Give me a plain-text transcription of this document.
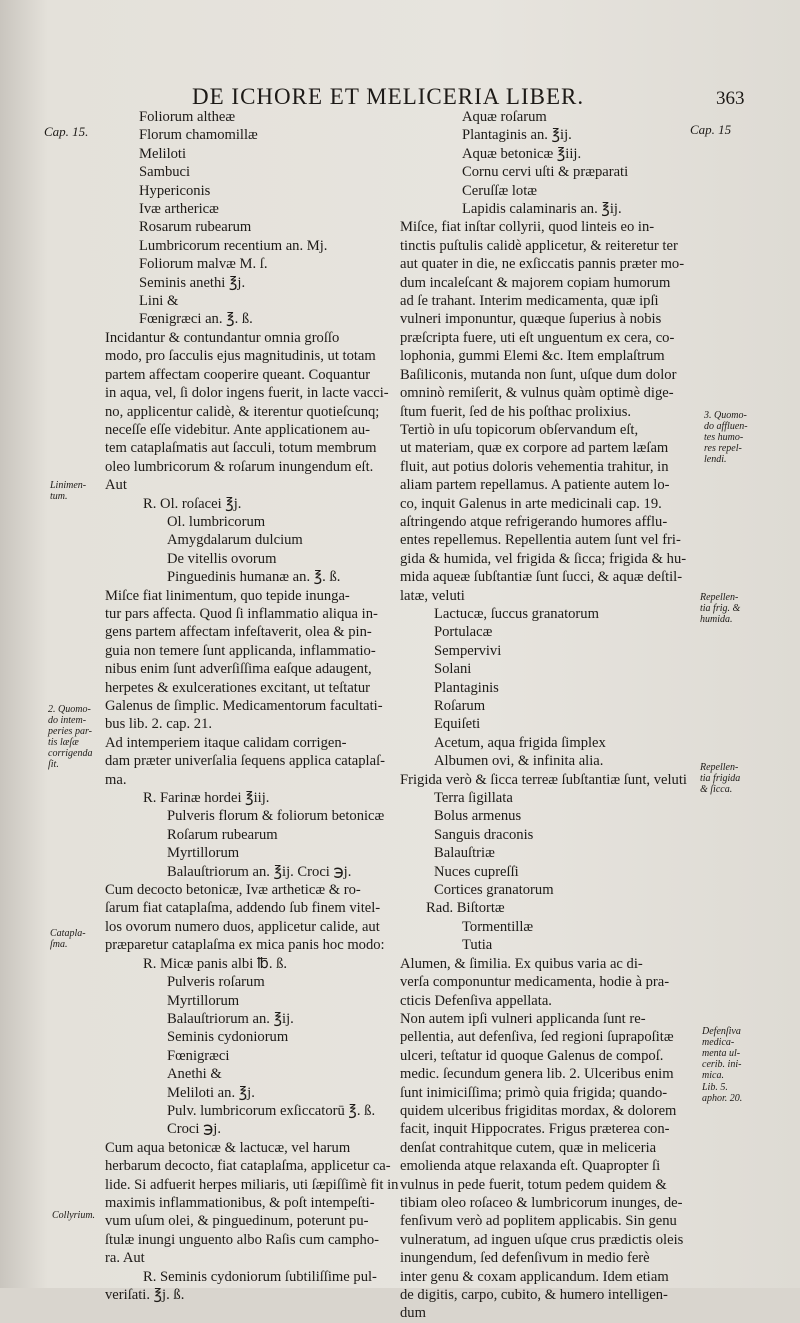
DE ICHORE ET MELICERIA LIBER.	363
Cap. 15.	Cap. 15
Foliorum altheæ
Florum chamomillæ
Meliloti
Sambuci
Hypericonis
Ivæ arthericæ
Rosarum rubearum
Lumbricorum recentium an. Mj.
Foliorum malvæ M. ſ.
Seminis anethi ℥j.
Lini &
Fœnigræci an. ℥. ß.
Incidantur & contundantur omnia groſſo
modo, pro ſacculis ejus magnitudinis, ut totam
partem affectam cooperire queant. Coquantur
in aqua, vel, ſi dolor ingens fuerit, in lacte vacci-
no, applicentur calidè, & iterentur quotieſcunq;
neceſſe eſſe videbitur. Ante applicationem au-
tem cataplaſmatis aut ſacculi, totum membrum
oleo lumbricorum & roſarum inungendum eſt.
Aut
R. Ol. roſacei ℥j.
Ol. lumbricorum
Amygdalarum dulcium
De vitellis ovorum
Pinguedinis humanæ an. ℥. ß.
Miſce fiat linimentum, quo tepide inunga-
tur pars affecta. Quod ſi inflammatio aliqua in-
gens partem affectam infeſtaverit, olea & pin-
guia non temere ſunt applicanda, inflammatio-
nibus enim ſunt adverſiſſima eaſque adaugent,
herpetes & exulcerationes excitant, ut teſtatur
Galenus de ſimplic. Medicamentorum facultati-
bus lib. 2. cap. 21.
Ad intemperiem itaque calidam corrigen-
dam præter univerſalia ſequens applica cataplaſ-
ma.
R. Farinæ hordei ℥iij.
Pulveris florum & foliorum betonicæ
Roſarum rubearum
Myrtillorum
Balauſtriorum an. ℥ij. Croci ℈j.
Cum decocto betonicæ, Ivæ artheticæ & ro-
ſarum fiat cataplaſma, addendo ſub finem vitel-
los ovorum numero duos, applicetur calide, aut
præparetur cataplaſma ex mica panis hoc modo:
R. Micæ panis albi ℔. ß.
Pulveris roſarum
Myrtillorum
Balauſtriorum an. ℥ij.
Seminis cydoniorum
Fœnigræci
Anethi &
Meliloti an. ℥j.
Pulv. lumbricorum exſiccatorū ℥. ß.
Croci ℈j.
Cum aqua betonicæ & lactucæ, vel harum
herbarum decocto, fiat cataplaſma, applicetur ca-
lide. Si adfuerit herpes miliaris, uti ſæpiſſimè fit in
maximis inflammationibus, & poſt intempeſti-
vum uſum olei, & pinguedinum, poterunt pu-
ſtulæ inungi unguento albo Raſis cum campho-
ra. Aut
R. Seminis cydoniorum ſubtiliſſime pul-
veriſati. ℥j. ß.
Aquæ roſarum
Plantaginis an. ℥ij.
Aquæ betonicæ ℥iij.
Cornu cervi uſti & præparati
Ceruſſæ lotæ
Lapidis calaminaris an. ℥ij.
Miſce, fiat inſtar collyrii, quod linteis eo in-
tinctis puſtulis calidè applicetur, & reiteretur ter
aut quater in die, ne exſiccatis pannis præter mo-
dum incaleſcant & majorem copiam humorum
ad ſe trahant. Interim medicamenta, quæ ipſi
vulneri imponuntur, quæque ſuperius à nobis
præſcripta fuere, uti eſt unguentum ex cera, co-
lophonia, gummi Elemi &c. Item emplaſtrum
Baſiliconis, mutanda non ſunt, uſque dum dolor
omninò remiſerit, & vulnus quàm optimè dige-
ſtum fuerit, ſed de his poſthac prolixius.
Tertiò in uſu topicorum obſervandum eſt,
ut materiam, quæ ex corpore ad partem læſam
fluit, aut potius doloris vehementia trahitur, in
aliam partem repellamus. A patiente autem lo-
co, inquit Galenus in arte medicinali cap. 19.
aſtringendo atque refrigerando humores afflu-
entes repellemus. Repellentia autem ſunt vel fri-
gida & humida, vel frigida & ſicca; frigida & hu-
mida aqueæ ſubſtantiæ ſunt ſucci, & aquæ deſtil-
latæ, veluti
Lactucæ, ſuccus granatorum
Portulacæ
Sempervivi
Solani
Plantaginis
Roſarum
Equiſeti
Acetum, aqua frigida ſimplex
Albumen ovi, & infinita alia.
Frigida verò & ſicca terreæ ſubſtantiæ ſunt, veluti
Terra ſigillata
Bolus armenus
Sanguis draconis
Balauſtriæ
Nuces cupreſſi
Cortices granatorum
Rad. Biſtortæ
Tormentillæ
Tutia
Alumen, & ſimilia. Ex quibus varia ac di-
verſa componuntur medicamenta, hodie à pra-
cticis Defenſiva appellata.
Non autem ipſi vulneri applicanda ſunt re-
pellentia, aut defenſiva, ſed regioni ſuprapoſitæ
ulceri, teſtatur id quoque Galenus de compoſ.
medic. ſecundum genera lib. 2. Ulceribus enim
ſunt inimiciſſima; primò quia frigida; quando-
quidem ulceribus frigiditas mordax, & dolorem
facit, inquit Hippocrates. Frigus præterea con-
denſat contrahitque cutem, quæ in meliceria
emolienda atque relaxanda eſt. Quapropter ſi
vulnus in pede fuerit, totum pedem quidem &
tibiam oleo roſaceo & lumbricorum inunges, de-
fenſivum verò ad poplitem applicabis. Sin genu
vulneratum, ad inguen uſque crus prædictis oleis
inungendum, ſed defenſivum in medio ferè
inter genu & coxam applicandum. Idem etiam
de digitis, carpo, cubito, & humero intelligen-
dum
Linimen-
tum.
2. Quomo-
do intem-
peries par-
tis læſæ
corrigenda
ſit.
Catapla-
ſma.
Collyrium.
3. Quomo-
do affluen-
tes humo-
res repel-
lendi.
Repellen-
tia frig. &
humida.
Repellen-
tia frigida
& ſicca.
Defenſiva
medica-
menta ul-
cerib. ini-
mica.
Lib. 5.
aphor. 20.
